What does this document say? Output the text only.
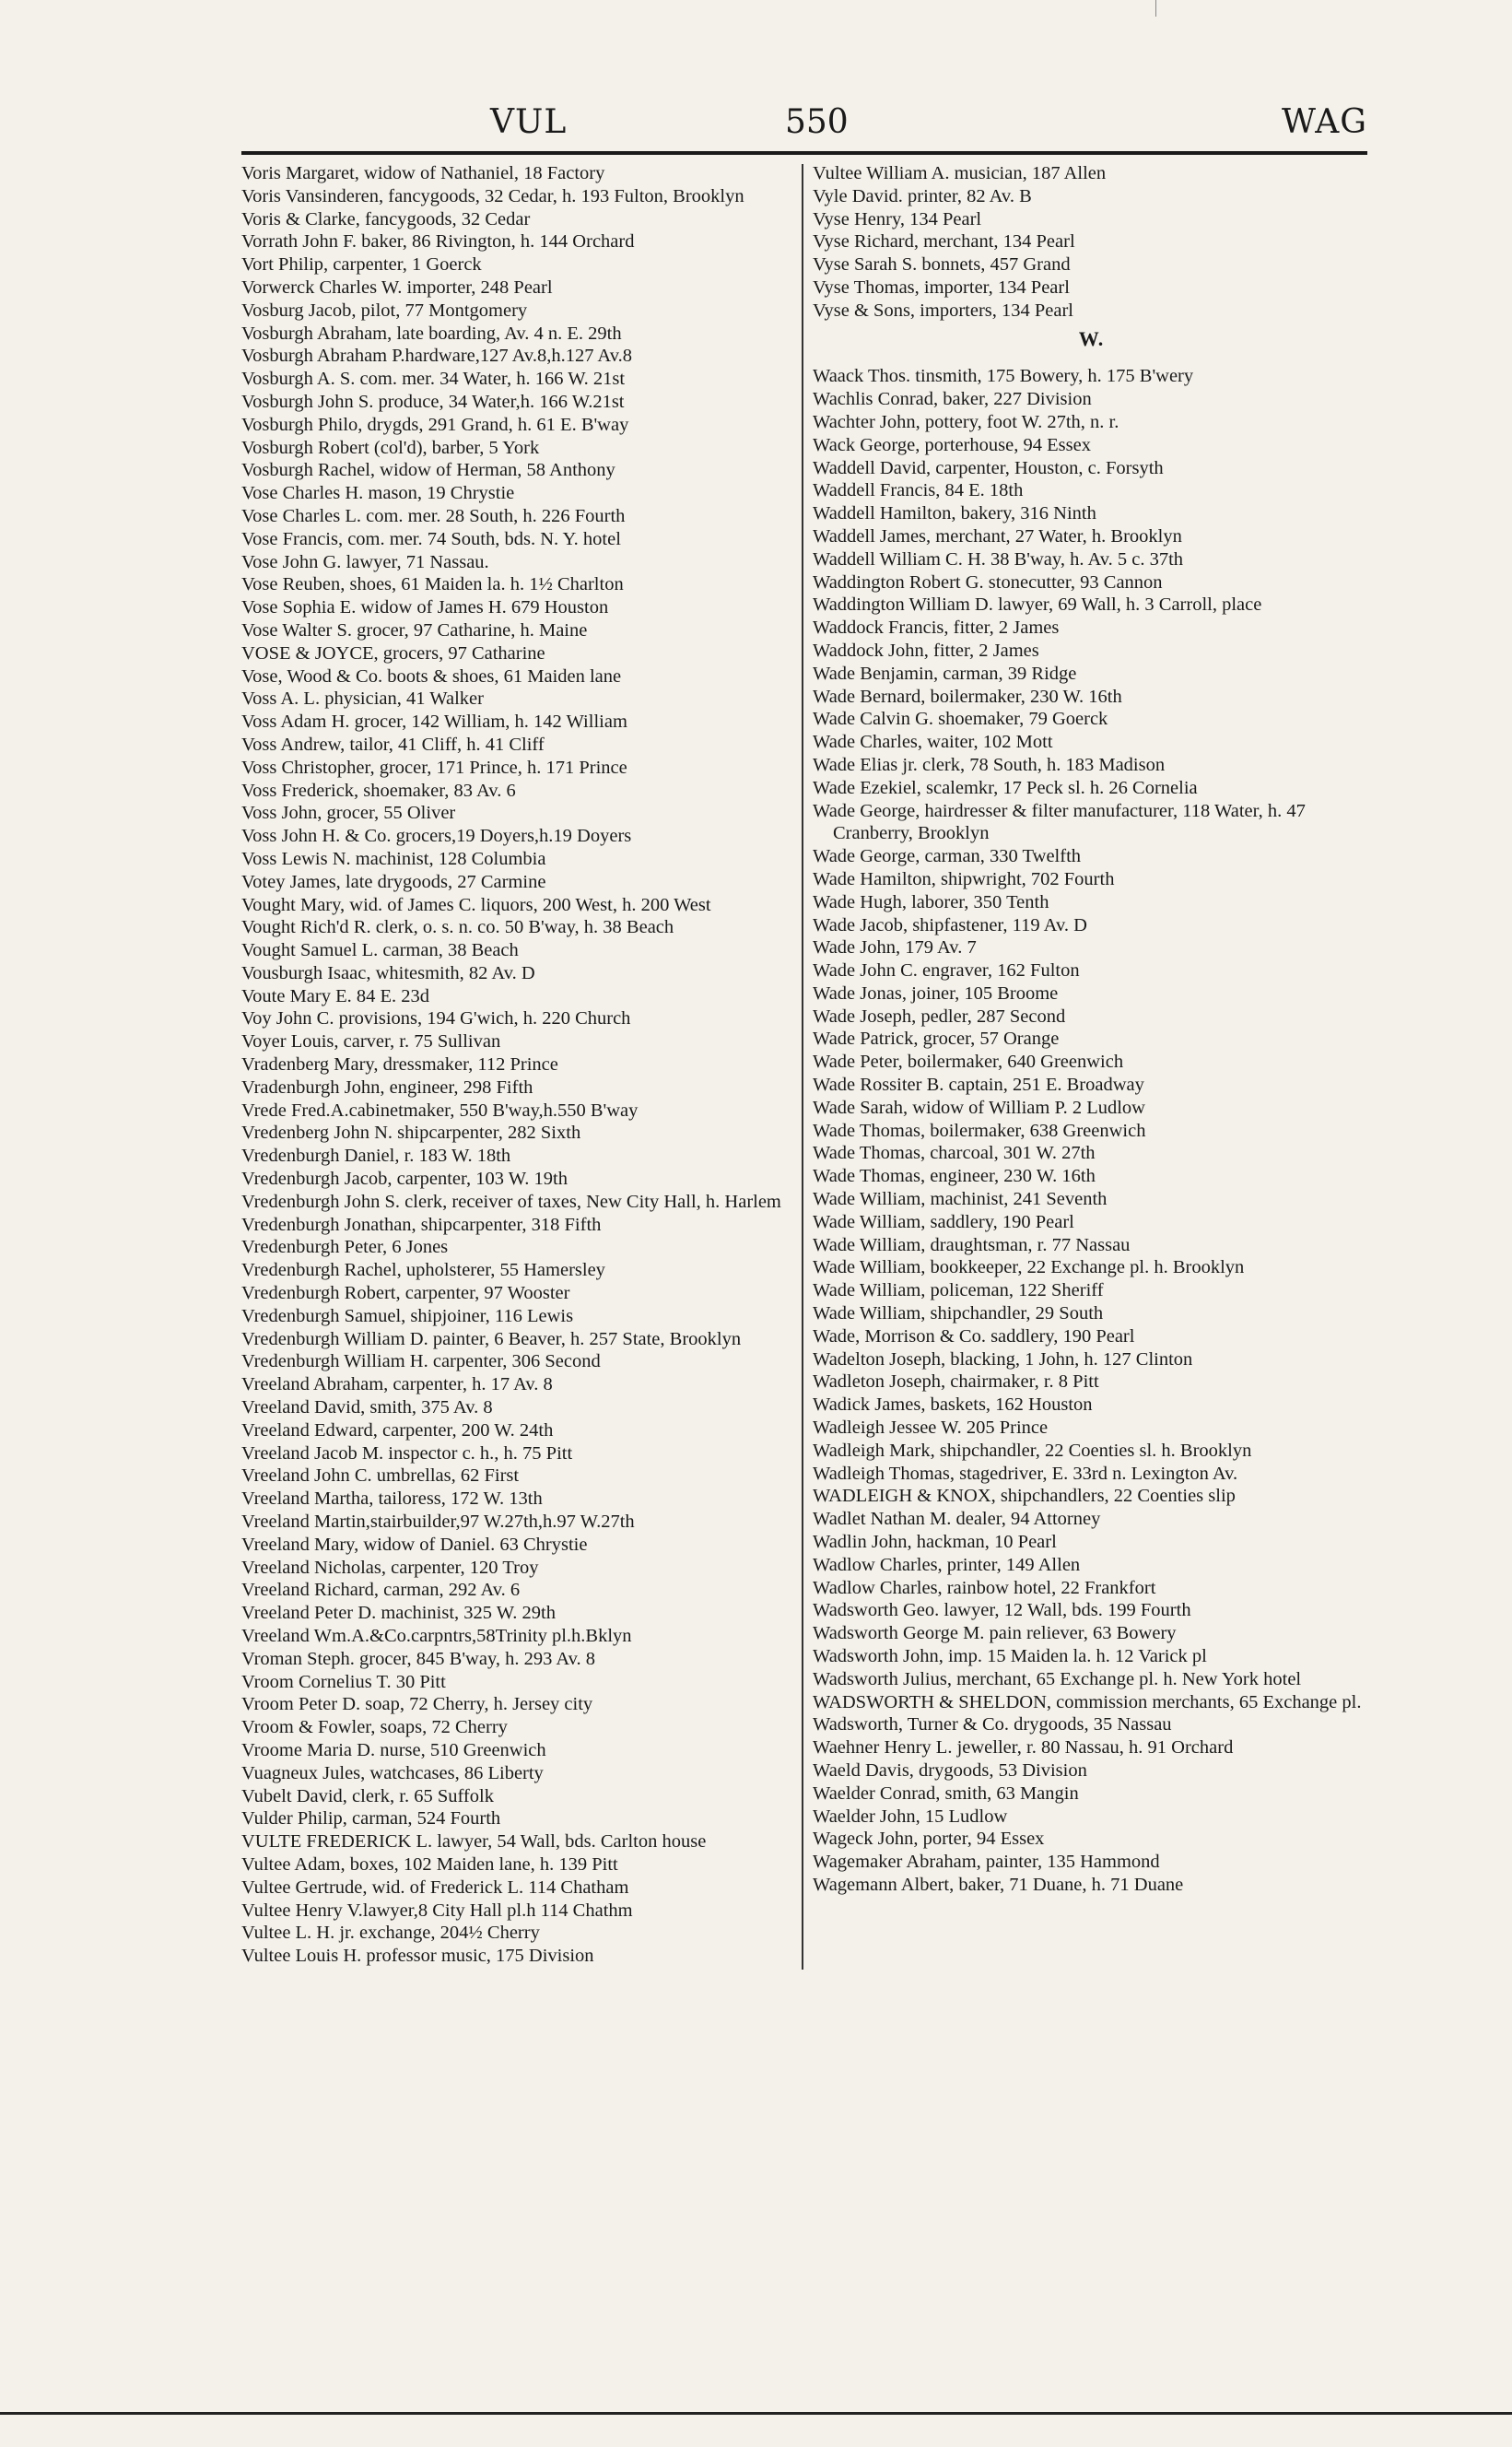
VUL	550	WAG

Voris Margaret, widow of Nathaniel, 18 Factory

Voris Vansinderen, fancygoods, 32 Cedar, h. 193 Fulton, Brooklyn

Voris & Clarke, fancygoods, 32 Cedar

Vorrath John F. baker, 86 Rivington, h. 144 Orchard

Vort Philip, carpenter, 1 Goerck

Vorwerck Charles W. importer, 248 Pearl

Vosburg Jacob, pilot, 77 Montgomery

Vosburgh Abraham, late boarding, Av. 4 n. E. 29th

Vosburgh Abraham P.hardware,127 Av.8,h.127 Av.8

Vosburgh A. S. com. mer. 34 Water, h. 166 W. 21st

Vosburgh John S. produce, 34 Water,h. 166 W.21st

Vosburgh Philo, drygds, 291 Grand, h. 61 E. B'way

Vosburgh Robert (col'd), barber, 5 York

Vosburgh Rachel, widow of Herman, 58 Anthony

Vose Charles H. mason, 19 Chrystie

Vose Charles L. com. mer. 28 South, h. 226 Fourth

Vose Francis, com. mer. 74 South, bds. N. Y. hotel

Vose John G. lawyer, 71 Nassau.

Vose Reuben, shoes, 61 Maiden la. h. 1½ Charlton

Vose Sophia E. widow of James H. 679 Houston

Vose Walter S. grocer, 97 Catharine, h. Maine

VOSE & JOYCE, grocers, 97 Catharine

Vose, Wood & Co. boots & shoes, 61 Maiden lane

Voss A. L. physician, 41 Walker

Voss Adam H. grocer, 142 William, h. 142 William

Voss Andrew, tailor, 41 Cliff, h. 41 Cliff

Voss Christopher, grocer, 171 Prince, h. 171 Prince

Voss Frederick, shoemaker, 83 Av. 6

Voss John, grocer, 55 Oliver

Voss John H. & Co. grocers,19 Doyers,h.19 Doyers

Voss Lewis N. machinist, 128 Columbia

Votey James, late drygoods, 27 Carmine

Vought Mary, wid. of James C. liquors, 200 West, h. 200 West

Vought Rich'd R. clerk, o. s. n. co. 50 B'way, h. 38 Beach

Vought Samuel L. carman, 38 Beach

Vousburgh Isaac, whitesmith, 82 Av. D

Voute Mary E. 84 E. 23d

Voy John C. provisions, 194 G'wich, h. 220 Church

Voyer Louis, carver, r. 75 Sullivan

Vradenberg Mary, dressmaker, 112 Prince

Vradenburgh John, engineer, 298 Fifth

Vrede Fred.A.cabinetmaker, 550 B'way,h.550 B'way

Vredenberg John N. shipcarpenter, 282 Sixth

Vredenburgh Daniel, r. 183 W. 18th

Vredenburgh Jacob, carpenter, 103 W. 19th

Vredenburgh John S. clerk, receiver of taxes, New City Hall, h. Harlem

Vredenburgh Jonathan, shipcarpenter, 318 Fifth

Vredenburgh Peter, 6 Jones

Vredenburgh Rachel, upholsterer, 55 Hamersley

Vredenburgh Robert, carpenter, 97 Wooster

Vredenburgh Samuel, shipjoiner, 116 Lewis

Vredenburgh William D. painter, 6 Beaver, h. 257 State, Brooklyn

Vredenburgh William H. carpenter, 306 Second

Vreeland Abraham, carpenter, h. 17 Av. 8

Vreeland David, smith, 375 Av. 8

Vreeland Edward, carpenter, 200 W. 24th

Vreeland Jacob M. inspector c. h., h. 75 Pitt

Vreeland John C. umbrellas, 62 First

Vreeland Martha, tailoress, 172 W. 13th

Vreeland Martin,stairbuilder,97 W.27th,h.97 W.27th

Vreeland Mary, widow of Daniel. 63 Chrystie

Vreeland Nicholas, carpenter, 120 Troy

Vreeland Richard, carman, 292 Av. 6

Vreeland Peter D. machinist, 325 W. 29th

Vreeland Wm.A.&Co.carpntrs,58Trinity pl.h.Bklyn

Vroman Steph. grocer, 845 B'way, h. 293 Av. 8

Vroom Cornelius T. 30 Pitt

Vroom Peter D. soap, 72 Cherry, h. Jersey city

Vroom & Fowler, soaps, 72 Cherry

Vroome Maria D. nurse, 510 Greenwich

Vuagneux Jules, watchcases, 86 Liberty

Vubelt David, clerk, r. 65 Suffolk

Vulder Philip, carman, 524 Fourth

VULTE FREDERICK L. lawyer, 54 Wall, bds. Carlton house

Vultee Adam, boxes, 102 Maiden lane, h. 139 Pitt

Vultee Gertrude, wid. of Frederick L. 114 Chatham

Vultee Henry V.lawyer,8 City Hall pl.h 114 Chathm

Vultee L. H. jr. exchange, 204½ Cherry

Vultee Louis H. professor music, 175 Division

Vultee William A. musician, 187 Allen

Vyle David. printer, 82 Av. B

Vyse Henry, 134 Pearl

Vyse Richard, merchant, 134 Pearl

Vyse Sarah S. bonnets, 457 Grand

Vyse Thomas, importer, 134 Pearl

Vyse & Sons, importers, 134 Pearl

W.

Waack Thos. tinsmith, 175 Bowery, h. 175 B'wery

Wachlis Conrad, baker, 227 Division

Wachter John, pottery, foot W. 27th, n. r.

Wack George, porterhouse, 94 Essex

Waddell David, carpenter, Houston, c. Forsyth

Waddell Francis, 84 E. 18th

Waddell Hamilton, bakery, 316 Ninth

Waddell James, merchant, 27 Water, h. Brooklyn

Waddell William C. H. 38 B'way, h. Av. 5 c. 37th

Waddington Robert G. stonecutter, 93 Cannon

Waddington William D. lawyer, 69 Wall, h. 3 Carroll, place

Waddock Francis, fitter, 2 James

Waddock John, fitter, 2 James

Wade Benjamin, carman, 39 Ridge

Wade Bernard, boilermaker, 230 W. 16th

Wade Calvin G. shoemaker, 79 Goerck

Wade Charles, waiter, 102 Mott

Wade Elias jr. clerk, 78 South, h. 183 Madison

Wade Ezekiel, scalemkr, 17 Peck sl. h. 26 Cornelia

Wade George, hairdresser & filter manufacturer, 118 Water, h. 47 Cranberry, Brooklyn

Wade George, carman, 330 Twelfth

Wade Hamilton, shipwright, 702 Fourth

Wade Hugh, laborer, 350 Tenth

Wade Jacob, shipfastener, 119 Av. D

Wade John, 179 Av. 7

Wade John C. engraver, 162 Fulton

Wade Jonas, joiner, 105 Broome

Wade Joseph, pedler, 287 Second

Wade Patrick, grocer, 57 Orange

Wade Peter, boilermaker, 640 Greenwich

Wade Rossiter B. captain, 251 E. Broadway

Wade Sarah, widow of William P. 2 Ludlow

Wade Thomas, boilermaker, 638 Greenwich

Wade Thomas, charcoal, 301 W. 27th

Wade Thomas, engineer, 230 W. 16th

Wade William, machinist, 241 Seventh

Wade William, saddlery, 190 Pearl

Wade William, draughtsman, r. 77 Nassau

Wade William, bookkeeper, 22 Exchange pl. h. Brooklyn

Wade William, policeman, 122 Sheriff

Wade William, shipchandler, 29 South

Wade, Morrison & Co. saddlery, 190 Pearl

Wadelton Joseph, blacking, 1 John, h. 127 Clinton

Wadleton Joseph, chairmaker, r. 8 Pitt

Wadick James, baskets, 162 Houston

Wadleigh Jessee W. 205 Prince

Wadleigh Mark, shipchandler, 22 Coenties sl. h. Brooklyn

Wadleigh Thomas, stagedriver, E. 33rd n. Lexington Av.

WADLEIGH & KNOX, shipchandlers, 22 Coenties slip

Wadlet Nathan M. dealer, 94 Attorney

Wadlin John, hackman, 10 Pearl

Wadlow Charles, printer, 149 Allen

Wadlow Charles, rainbow hotel, 22 Frankfort

Wadsworth Geo. lawyer, 12 Wall, bds. 199 Fourth

Wadsworth George M. pain reliever, 63 Bowery

Wadsworth John, imp. 15 Maiden la. h. 12 Varick pl

Wadsworth Julius, merchant, 65 Exchange pl. h. New York hotel

WADSWORTH & SHELDON, commission merchants, 65 Exchange pl.

Wadsworth, Turner & Co. drygoods, 35 Nassau

Waehner Henry L. jeweller, r. 80 Nassau, h. 91 Orchard

Waeld Davis, drygoods, 53 Division

Waelder Conrad, smith, 63 Mangin

Waelder John, 15 Ludlow

Wageck John, porter, 94 Essex

Wagemaker Abraham, painter, 135 Hammond

Wagemann Albert, baker, 71 Duane, h. 71 Duane
